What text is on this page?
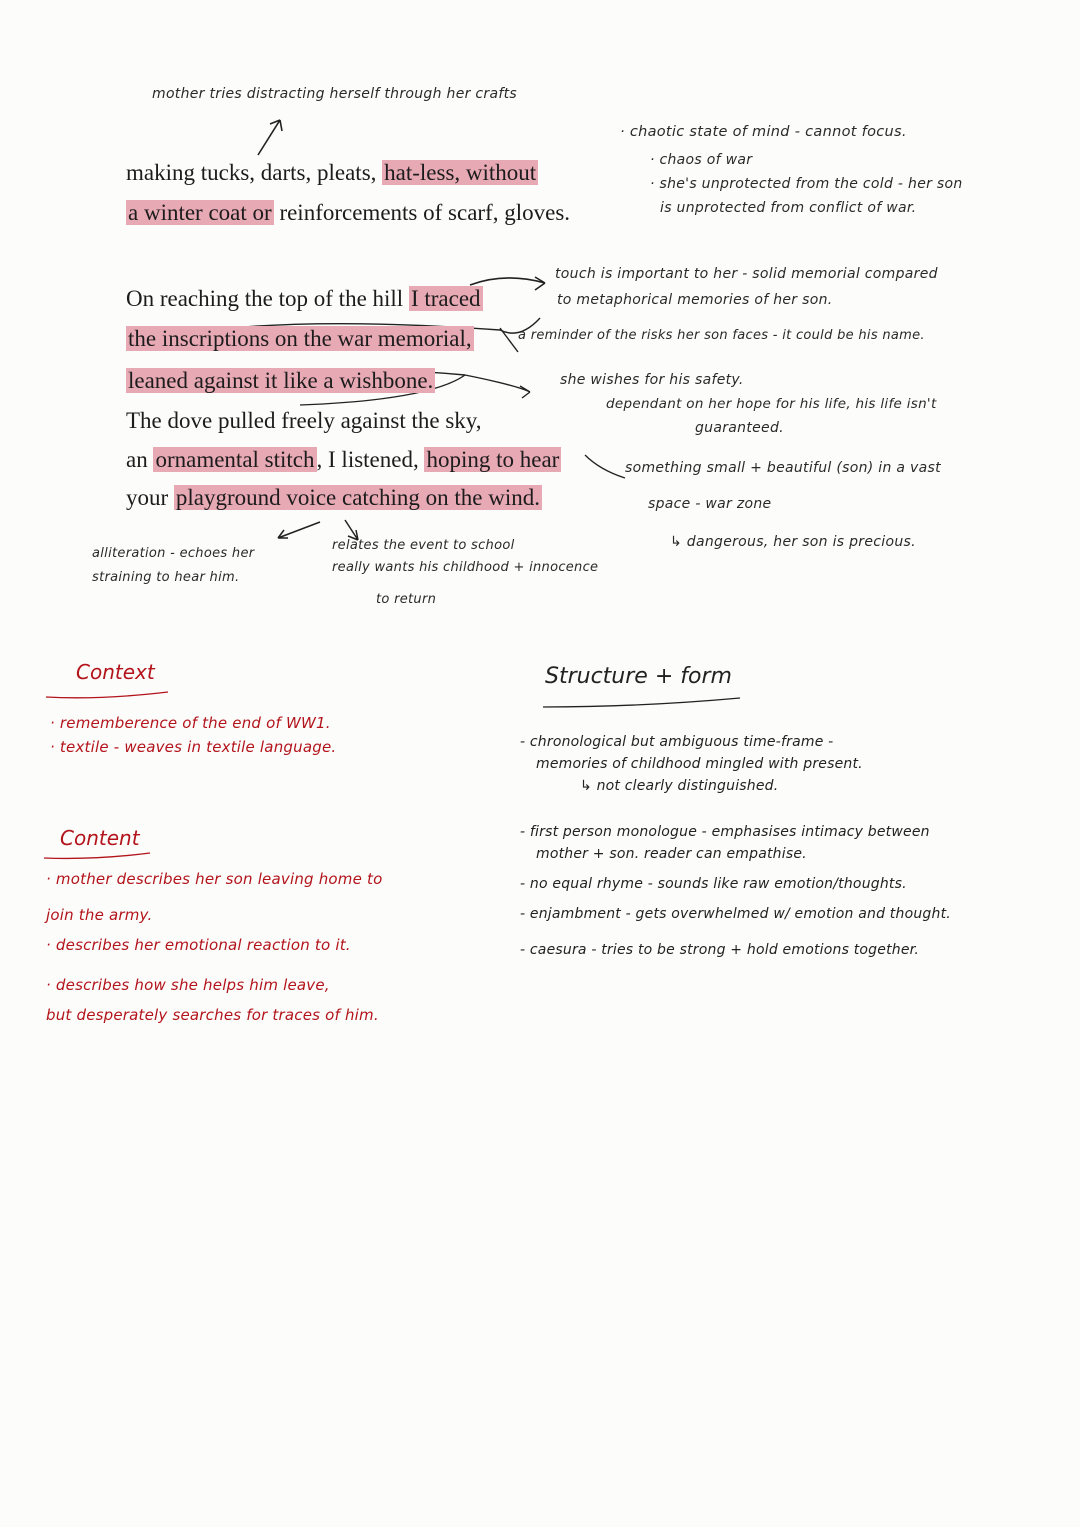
mother tries distracting herself through her crafts
making tucks, darts, pleats, hat-less, without
a winter coat or reinforcements of scarf, gloves.
On reaching the top of the hill I traced
the inscriptions on the war memorial,
leaned against it like a wishbone.
The dove pulled freely against the sky,
an ornamental stitch, I listened, hoping to hear
your playground voice catching on the wind.
· chaotic state of mind - cannot focus.
· chaos of war
· she's unprotected from the cold - her son
is unprotected from conflict of war.
touch is important to her - solid memorial compared
to metaphorical memories of her son.
a reminder of the risks her son faces - it could be his name.
she wishes for his safety.
dependant on her hope for his life, his life isn't
guaranteed.
something small + beautiful (son) in a vast
space - war zone
alliteration - echoes her
straining to hear him.
relates the event to school
really wants his childhood + innocence
to return
↳ dangerous, her son is precious.
Context
· rememberence of the end of WW1.
· textile - weaves in textile language.
Content
· mother describes her son leaving home to
join the army.
· describes her emotional reaction to it.
· describes how she helps him leave,
but desperately searches for traces of him.
Structure + form
- chronological but ambiguous time-frame -
memories of childhood mingled with present.
↳ not clearly distinguished.
- first person monologue - emphasises intimacy between
mother + son. reader can empathise.
- no equal rhyme - sounds like raw emotion/thoughts.
- enjambment - gets overwhelmed w/ emotion and thought.
- caesura - tries to be strong + hold emotions together.
